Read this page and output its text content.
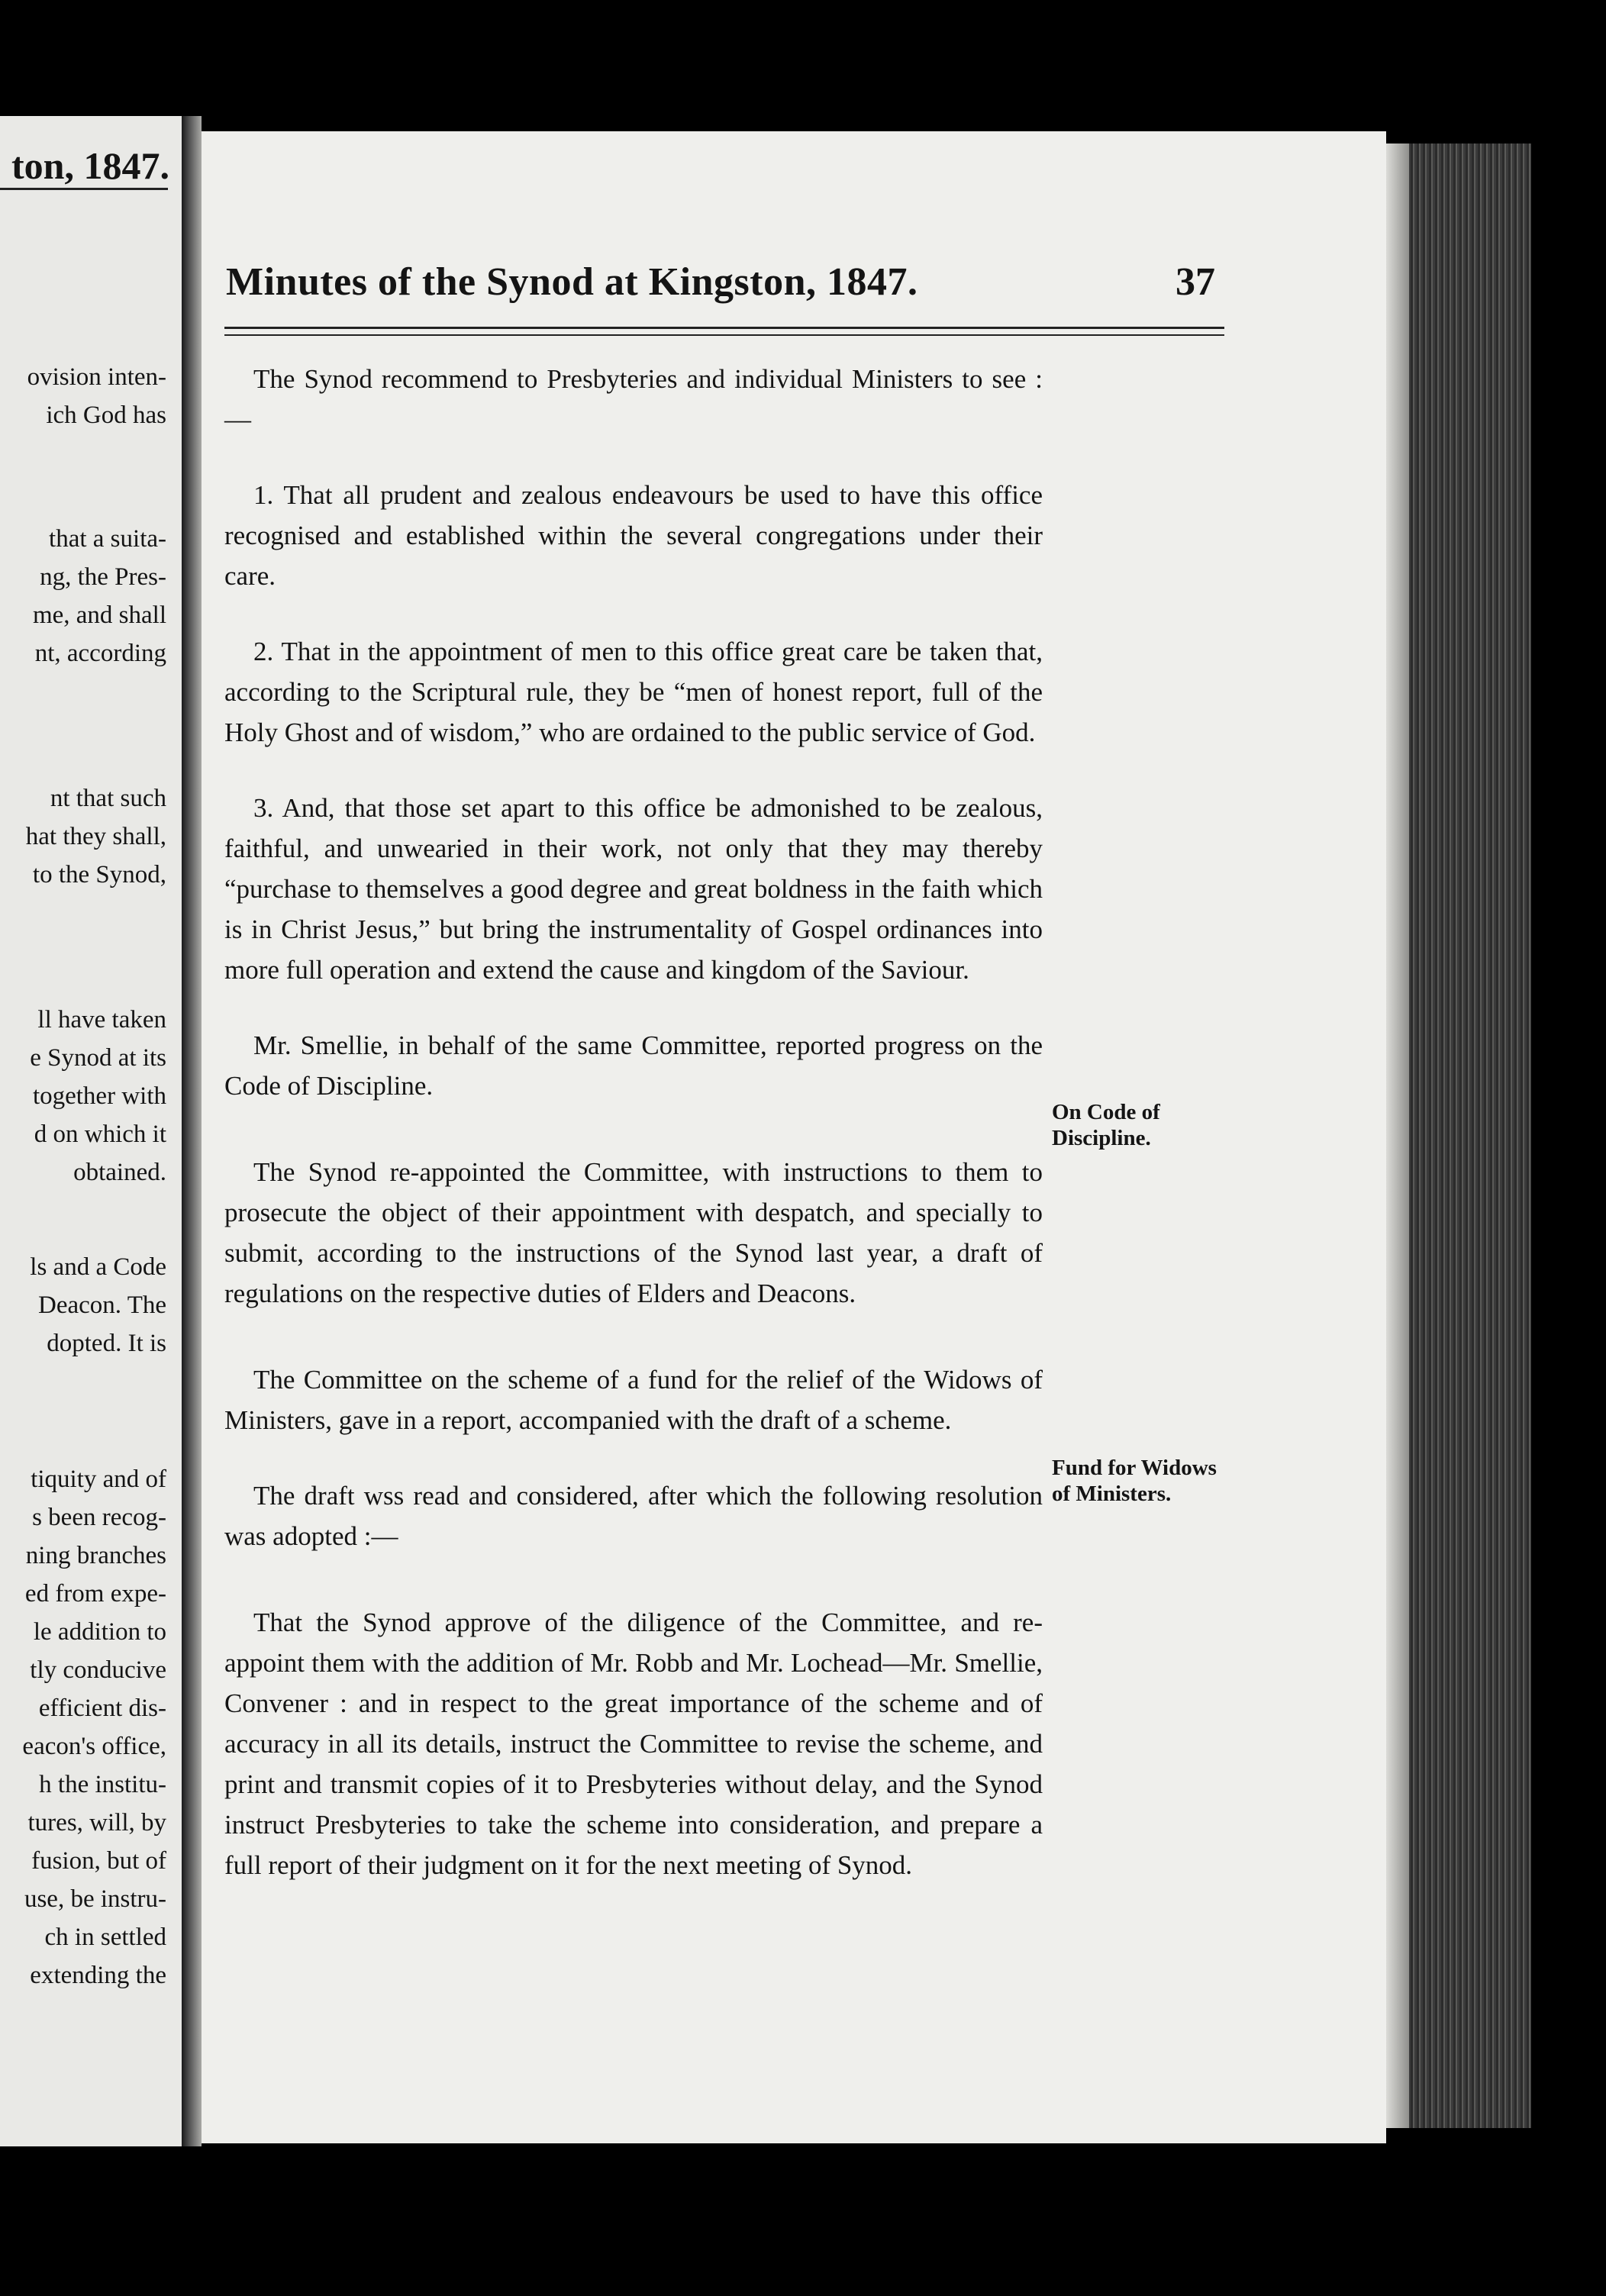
ton, 1847.
ovision inten-
ich God has
that a suita-
ng, the Pres-
me, and shall
nt, according
nt that such
hat they shall,
to the Synod,
ll have taken
e Synod at its
together with
d on which it
obtained.
ls and a Code
Deacon. The
dopted. It is
tiquity and of
s been recog-
ning branches
ed from expe-
le addition to
tly conducive
efficient dis-
eacon's office,
h the institu-
tures, will, by
fusion, but of
use, be instru-
ch in settled
extending the
Minutes of the Synod at Kingston, 1847.	37

The Synod recommend to Presbyteries and individual Ministers to see :—

1. That all prudent and zealous endeavours be used to have this office recognised and established within the several congregations under their care.

2. That in the appointment of men to this office great care be taken that, according to the Scriptural rule, they be “men of honest report, full of the Holy Ghost and of wisdom,” who are ordained to the public service of God.

3. And, that those set apart to this office be admonished to be zealous, faithful, and unwearied in their work, not only that they may thereby “purchase to themselves a good degree and great boldness in the faith which is in Christ Jesus,” but bring the instrumentality of Gospel ordinances into more full operation and extend the cause and kingdom of the Saviour.

Mr. Smellie, in behalf of the same Committee, reported progress on the Code of Discipline.

The Synod re-appointed the Committee, with instructions to them to prosecute the object of their appointment with despatch, and specially to submit, according to the instructions of the Synod last year, a draft of regulations on the respective duties of Elders and Deacons.

The Committee on the scheme of a fund for the relief of the Widows of Ministers, gave in a report, accompanied with the draft of a scheme.

The draft wss read and considered, after which the following resolution was adopted :—

That the Synod approve of the diligence of the Committee, and re-appoint them with the addition of Mr. Robb and Mr. Lochead—Mr. Smellie, Convener : and in respect to the great importance of the scheme and of accuracy in all its details, instruct the Committee to revise the scheme, and print and transmit copies of it to Presbyteries without delay, and the Synod instruct Presbyteries to take the scheme into consideration, and prepare a full report of their judgment on it for the next meeting of Synod.

On Code of Discipline.
Fund for Widows of Ministers.
